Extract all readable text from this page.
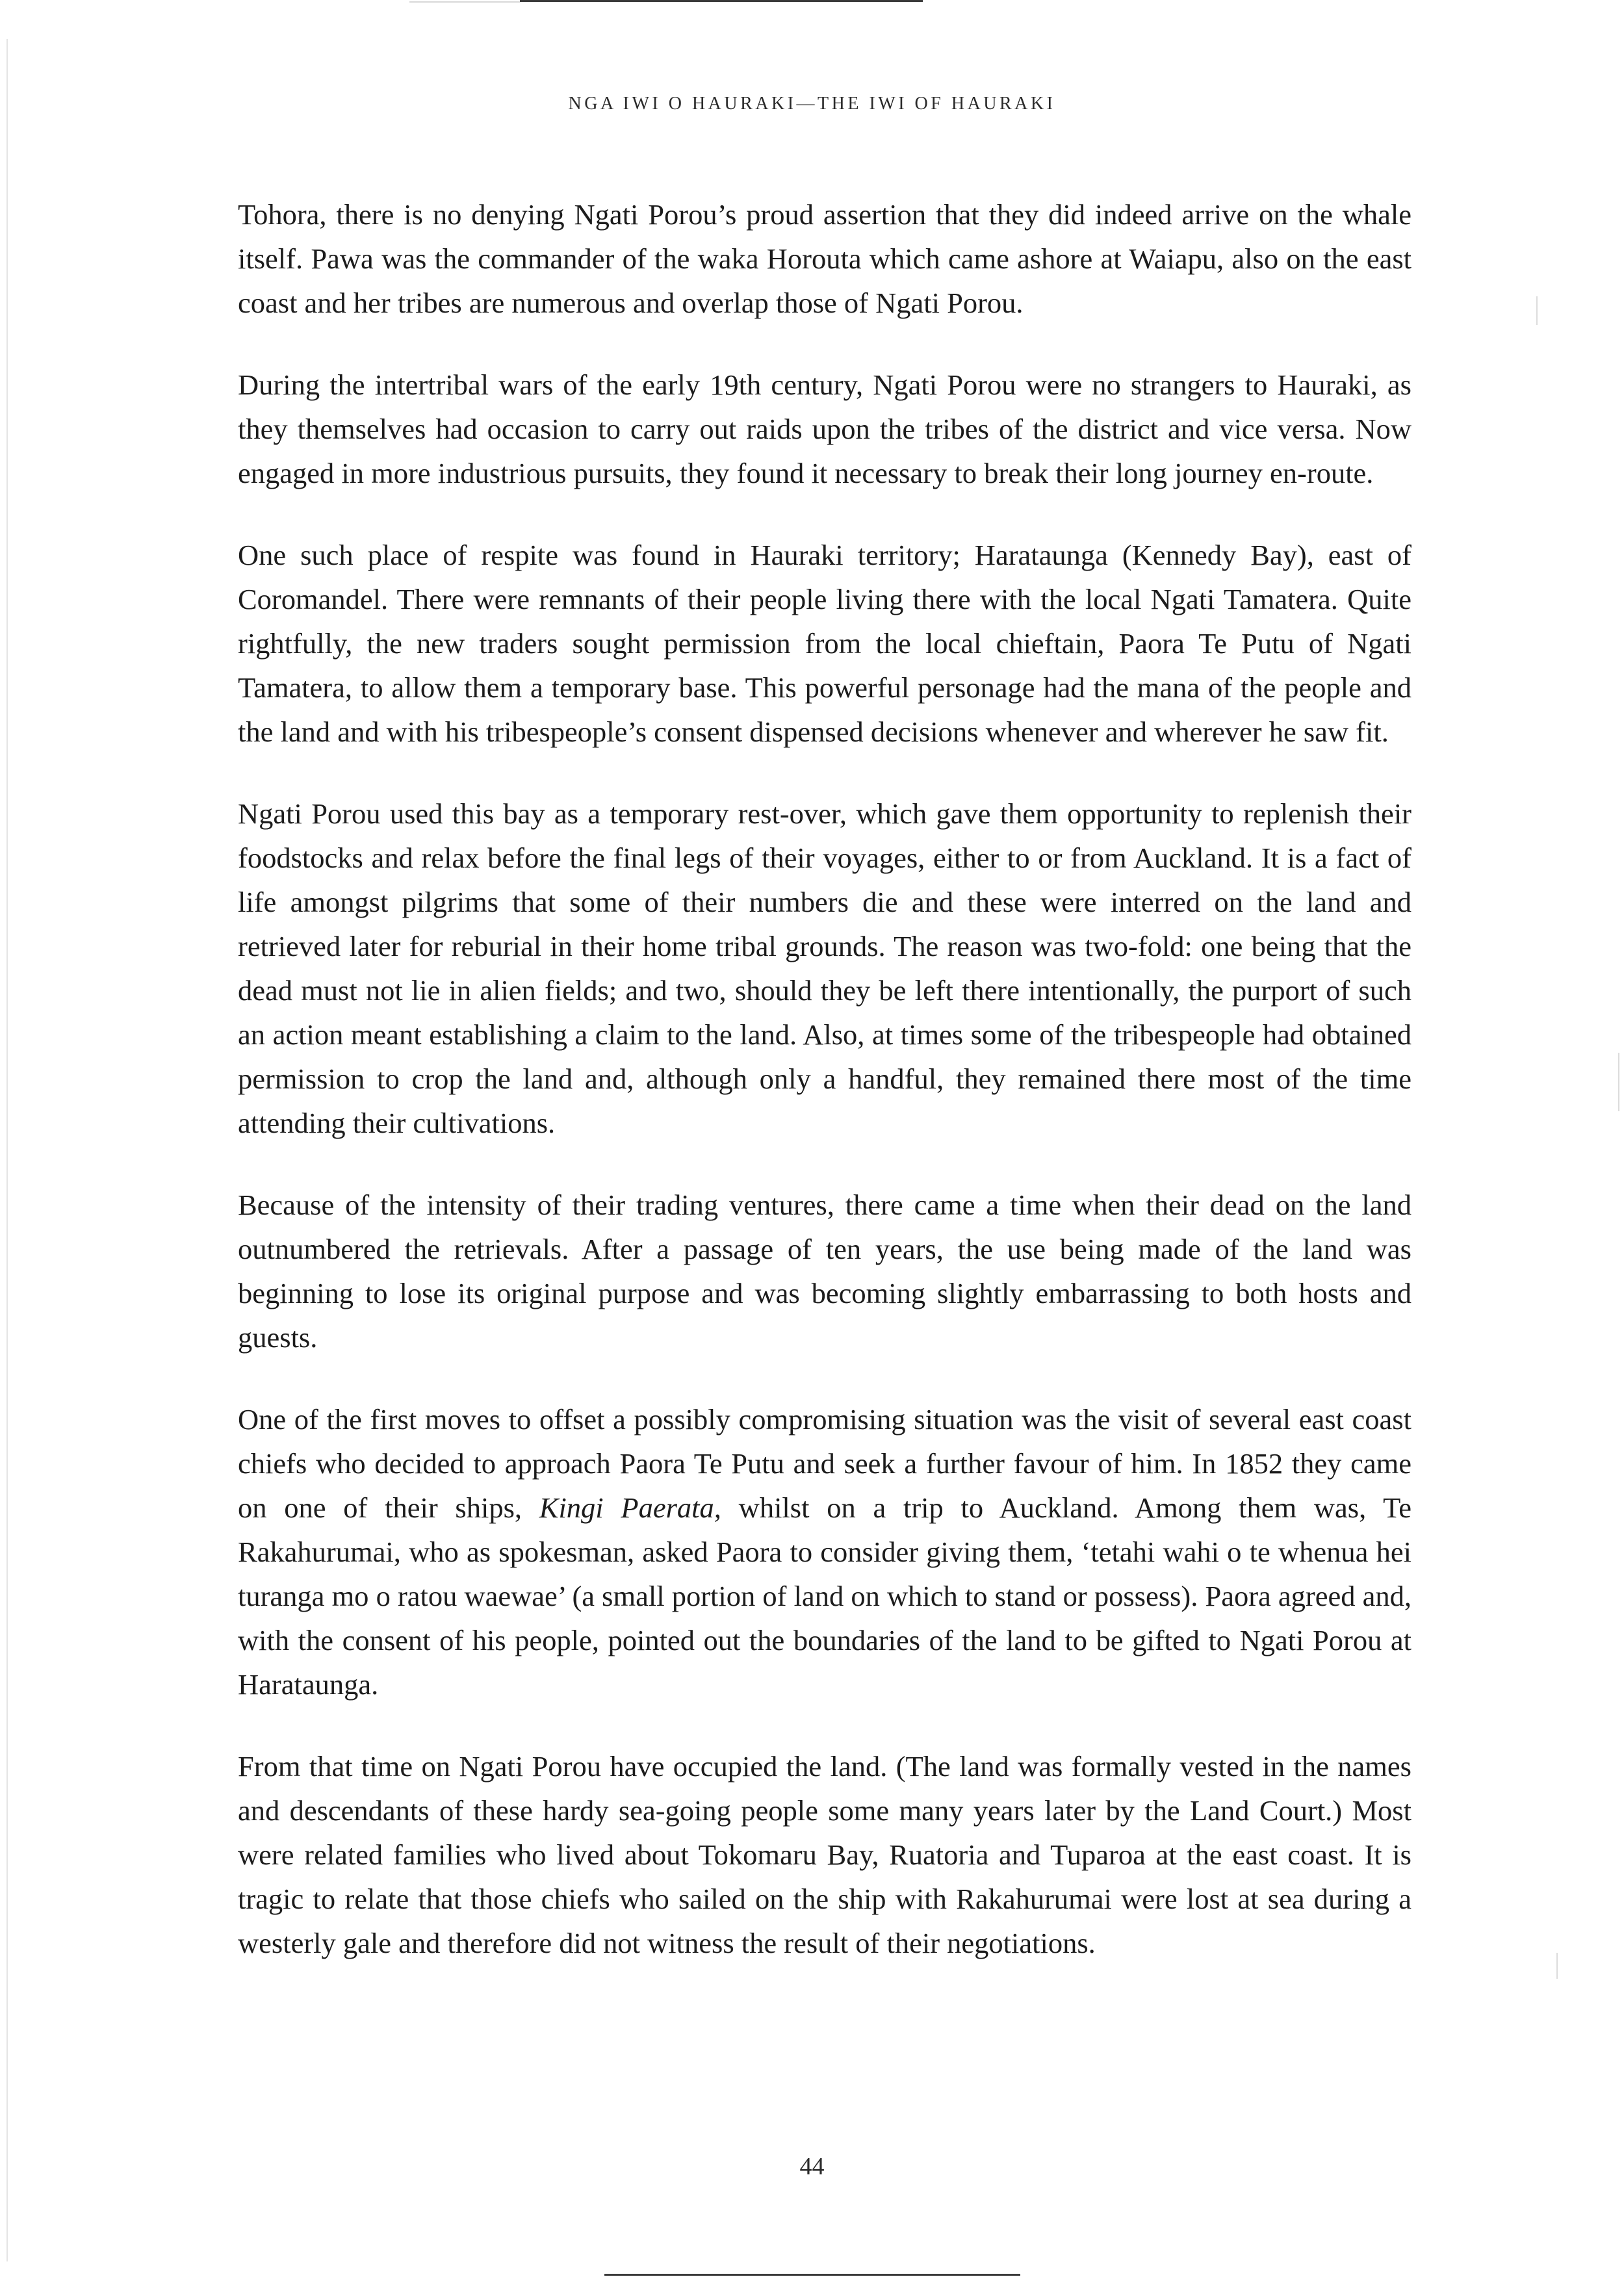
NGA IWI O HAURAKI—THE IWI OF HAURAKI

Tohora, there is no denying Ngati Porou’s proud assertion that they did indeed arrive on the whale itself. Pawa was the commander of the waka Horouta which came ashore at Waiapu, also on the east coast and her tribes are numerous and overlap those of Ngati Porou.

During the intertribal wars of the early 19th century, Ngati Porou were no strangers to Hauraki, as they themselves had occasion to carry out raids upon the tribes of the district and vice versa. Now engaged in more industrious pursuits, they found it necessary to break their long journey en-route.

One such place of respite was found in Hauraki territory; Harataunga (Kennedy Bay), east of Coromandel. There were remnants of their people living there with the local Ngati Tamatera. Quite rightfully, the new traders sought permission from the local chieftain, Paora Te Putu of Ngati Tamatera, to allow them a temporary base. This powerful personage had the mana of the people and the land and with his tribespeople’s consent dispensed decisions whenever and wherever he saw fit.

Ngati Porou used this bay as a temporary rest-over, which gave them opportunity to replenish their foodstocks and relax before the final legs of their voyages, either to or from Auckland. It is a fact of life amongst pilgrims that some of their numbers die and these were interred on the land and retrieved later for reburial in their home tribal grounds. The reason was two-fold: one being that the dead must not lie in alien fields; and two, should they be left there intentionally, the purport of such an action meant establishing a claim to the land. Also, at times some of the tribespeople had obtained permission to crop the land and, although only a handful, they remained there most of the time attending their cultivations.

Because of the intensity of their trading ventures, there came a time when their dead on the land outnumbered the retrievals. After a passage of ten years, the use being made of the land was beginning to lose its original purpose and was becoming slightly embarrassing to both hosts and guests.

One of the first moves to offset a possibly compromising situation was the visit of several east coast chiefs who decided to approach Paora Te Putu and seek a further favour of him. In 1852 they came on one of their ships, Kingi Paerata, whilst on a trip to Auckland. Among them was, Te Rakahurumai, who as spokesman, asked Paora to consider giving them, ‘tetahi wahi o te whenua hei turanga mo o ratou waewae’ (a small portion of land on which to stand or possess). Paora agreed and, with the consent of his people, pointed out the boundaries of the land to be gifted to Ngati Porou at Harataunga.

From that time on Ngati Porou have occupied the land. (The land was formally vested in the names and descendants of these hardy sea-going people some many years later by the Land Court.) Most were related families who lived about Tokomaru Bay, Ruatoria and Tuparoa at the east coast. It is tragic to relate that those chiefs who sailed on the ship with Rakahurumai were lost at sea during a westerly gale and therefore did not witness the result of their negotiations.

44
